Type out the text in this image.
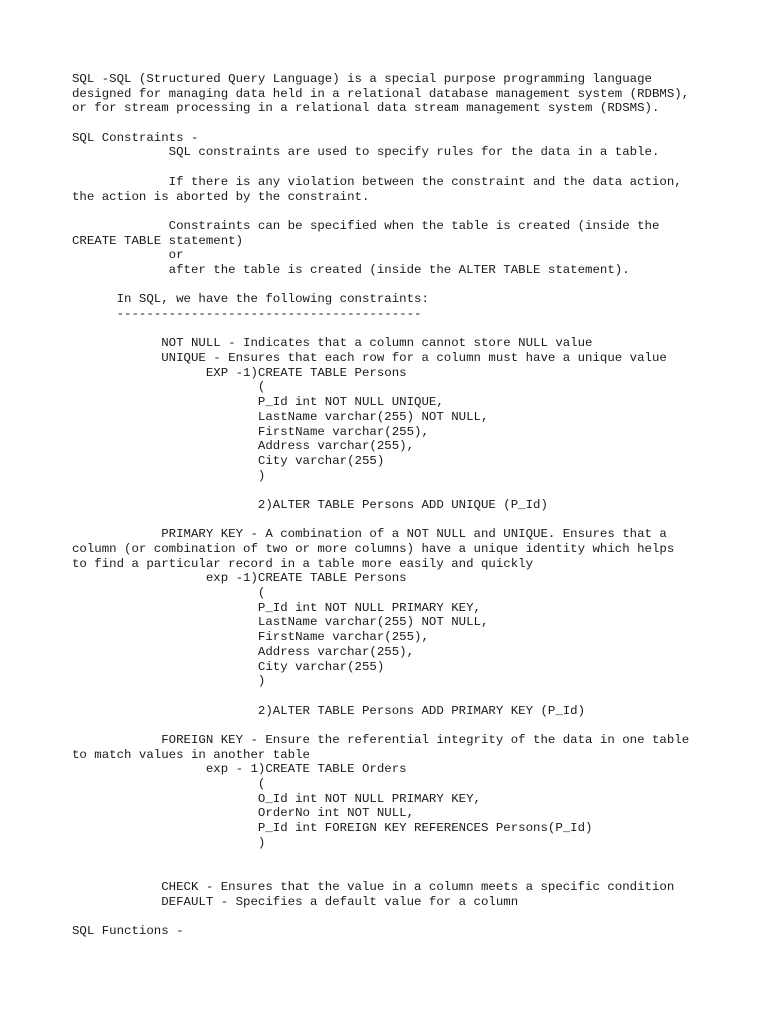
SQL -SQL (Structured Query Language) is a special purpose programming language
designed for managing data held in a relational database management system (RDBMS),
or for stream processing in a relational data stream management system (RDSMS).
SQL Constraints -
SQL constraints are used to specify rules for the data in a table.
If there is any violation between the constraint and the data action,
the action is aborted by the constraint.
Constraints can be specified when the table is created (inside the
CREATE TABLE statement)
or
after the table is created (inside the ALTER TABLE statement).
In SQL, we have the following constraints:
-----------------------------------------
NOT NULL - Indicates that a column cannot store NULL value
UNIQUE - Ensures that each row for a column must have a unique value
EXP -1)CREATE TABLE Persons
(
P_Id int NOT NULL UNIQUE,
LastName varchar(255) NOT NULL,
FirstName varchar(255),
Address varchar(255),
City varchar(255)
)
2)ALTER TABLE Persons ADD UNIQUE (P_Id)
PRIMARY KEY - A combination of a NOT NULL and UNIQUE. Ensures that a
column (or combination of two or more columns) have a unique identity which helps
to find a particular record in a table more easily and quickly
exp -1)CREATE TABLE Persons
(
P_Id int NOT NULL PRIMARY KEY,
LastName varchar(255) NOT NULL,
FirstName varchar(255),
Address varchar(255),
City varchar(255)
)
2)ALTER TABLE Persons ADD PRIMARY KEY (P_Id)
FOREIGN KEY - Ensure the referential integrity of the data in one table
to match values in another table
exp - 1)CREATE TABLE Orders
(
O_Id int NOT NULL PRIMARY KEY,
OrderNo int NOT NULL,
P_Id int FOREIGN KEY REFERENCES Persons(P_Id)
)
CHECK - Ensures that the value in a column meets a specific condition
DEFAULT - Specifies a default value for a column
SQL Functions -
